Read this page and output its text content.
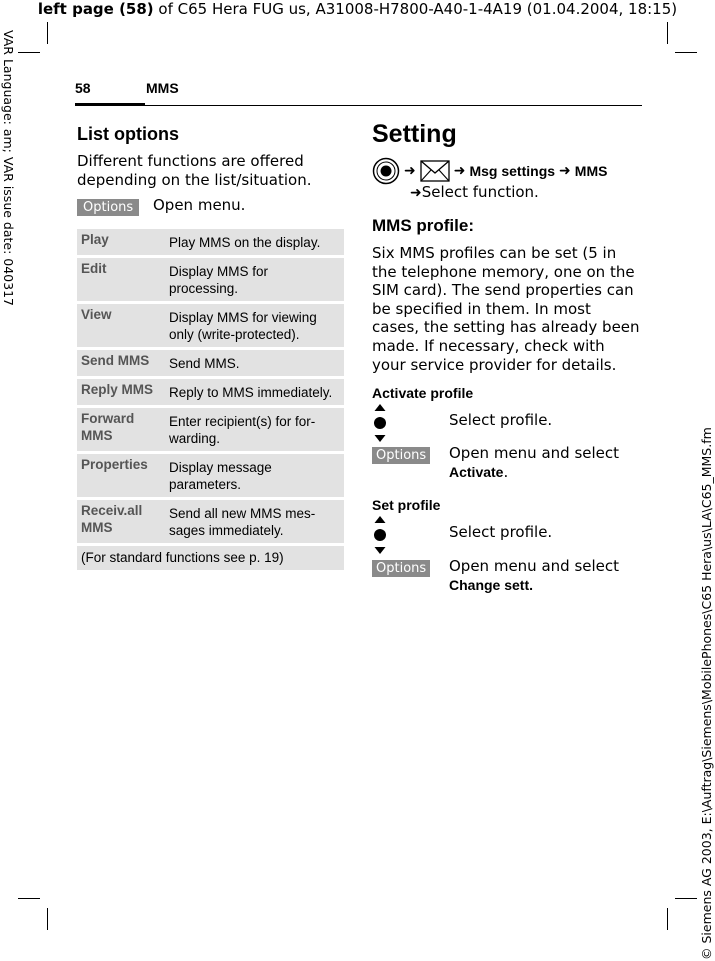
left page (58) of C65 Hera FUG us, A31008-H7800-A40-1-4A19 (01.04.2004, 18:15)
VAR Language: am; VAR issue date: 040317
© Siemens AG 2003, E:\Auftrag\Siemens\MobilePhones\C65 Hera\us\LA\C65_MMS.fm
58	MMS
List options
Different functions are offered depending on the list/situation.
Options	Open menu.
Play	Play MMS on the display.
Edit	Display MMS for processing.
View	Display MMS for viewing only (write-protected).
Send MMS	Send MMS.
Reply MMS	Reply to MMS immediately.
Forward MMS	Enter recipient(s) for for-warding.
Properties	Display message parameters.
Receiv.all MMS	Send all new MMS mes-sages immediately.
(For standard functions see p. 19)	
Setting
➜	➜ Msg settings ➜ MMS
➜Select function.
MMS profile:
Six MMS profiles can be set (5 in the telephone memory, one on the SIM card). The send properties can be specified in them. In most cases, the setting has already been made. If necessary, check with your service provider for details.
Activate profile
Select profile.
Options Open menu and select
Activate.
Set profile
Select profile.
Options Open menu and select
Change sett.
